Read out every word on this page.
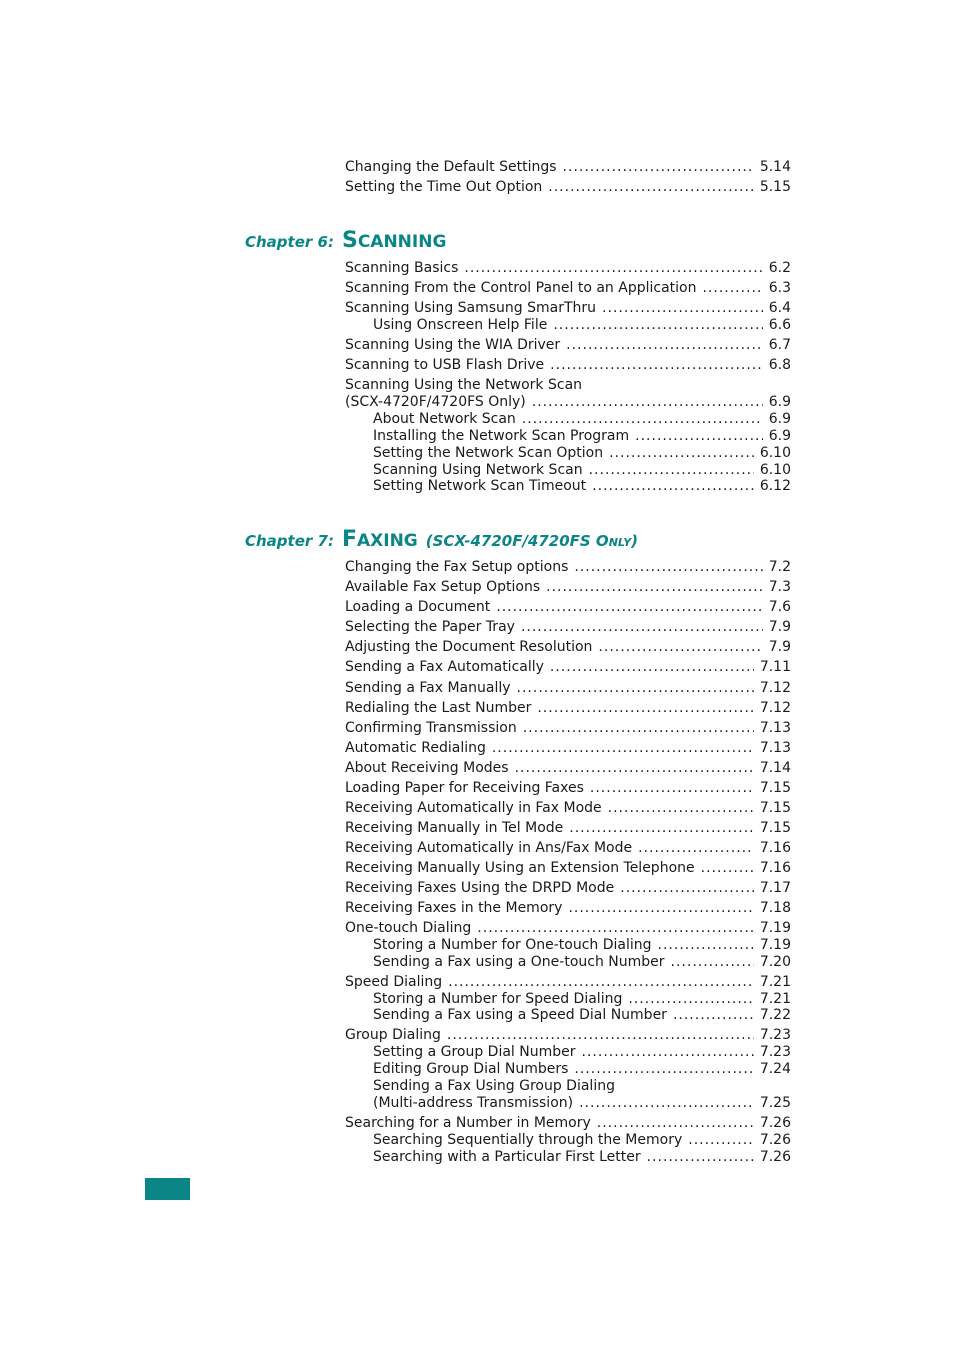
Changing the Default Settings .....	5.14
Setting the Time Out Option .....	5.15
Chapter 6: SCANNING
Scanning Basics .....	6.2
Scanning From the Control Panel to an Application .....	6.3
Scanning Using Samsung SmarThru .....	6.4
Using Onscreen Help File .....	6.6
Scanning Using the WIA Driver .....	6.7
Scanning to USB Flash Drive .....	6.8
Scanning Using the Network Scan
(SCX-4720F/4720FS Only) .....	6.9
About Network Scan .....	6.9
Installing the Network Scan Program .....	6.9
Setting the Network Scan Option .....	6.10
Scanning Using Network Scan .....	6.10
Setting Network Scan Timeout .....	6.12
Chapter 7: FAXING (SCX-4720F/4720FS ONLY)
Changing the Fax Setup options .....	7.2
Available Fax Setup Options .....	7.3
Loading a Document .....	7.6
Selecting the Paper Tray .....	7.9
Adjusting the Document Resolution .....	7.9
Sending a Fax Automatically .....	7.11
Sending a Fax Manually .....	7.12
Redialing the Last Number .....	7.12
Confirming Transmission .....	7.13
Automatic Redialing .....	7.13
About Receiving Modes .....	7.14
Loading Paper for Receiving Faxes .....	7.15
Receiving Automatically in Fax Mode .....	7.15
Receiving Manually in Tel Mode .....	7.15
Receiving Automatically in Ans/Fax Mode .....	7.16
Receiving Manually Using an Extension Telephone .....	7.16
Receiving Faxes Using the DRPD Mode .....	7.17
Receiving Faxes in the Memory .....	7.18
One-touch Dialing .....	7.19
Storing a Number for One-touch Dialing .....	7.19
Sending a Fax using a One-touch Number .....	7.20
Speed Dialing .....	7.21
Storing a Number for Speed Dialing .....	7.21
Sending a Fax using a Speed Dial Number .....	7.22
Group Dialing .....	7.23
Setting a Group Dial Number .....	7.23
Editing Group Dial Numbers .....	7.24
Sending a Fax Using Group Dialing
(Multi-address Transmission) .....	7.25
Searching for a Number in Memory .....	7.26
Searching Sequentially through the Memory .....	7.26
Searching with a Particular First Letter .....	7.26
